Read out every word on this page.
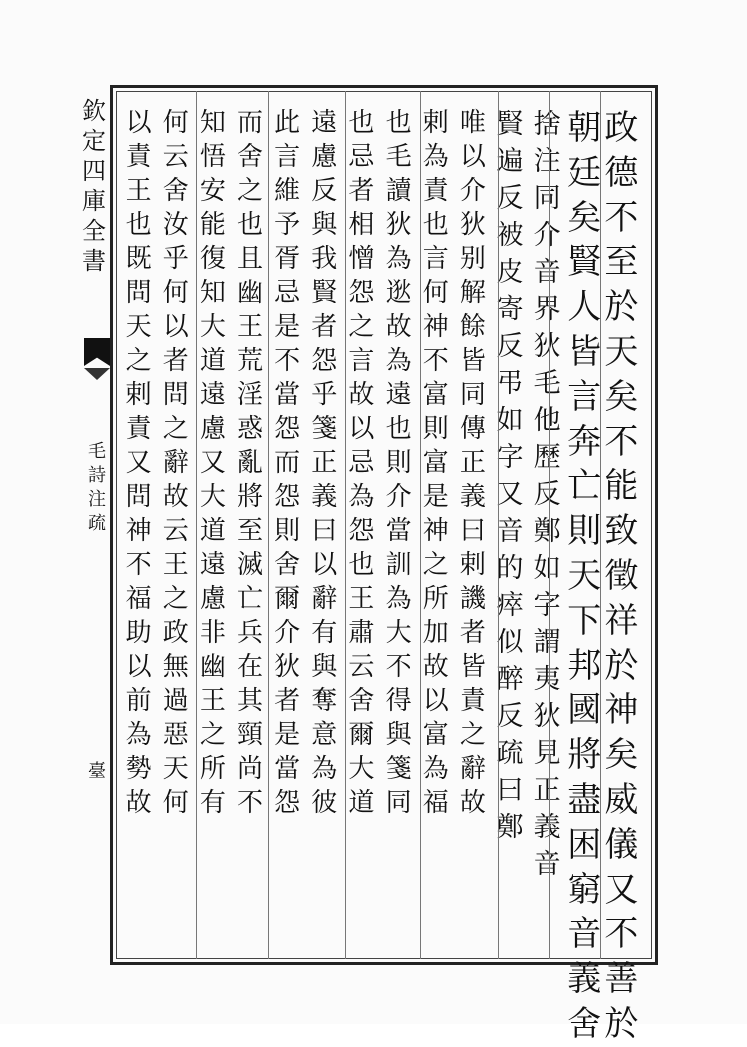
欽定四庫全書
毛詩注疏
臺
政德不至於天矣不能致徵祥於神矣威儀又不善於
朝廷矣賢人皆言奔亡則天下邦國將盡困窮音義舍
捨注同介音界狄毛他歷反鄭如字謂夷狄見正義音
賢遍反被皮寄反弔如字又音的瘁似醉反疏曰鄭
唯以介狄别解餘皆同傳正義曰剌譏者皆責之辭故
剌為責也言何神不富則富是神之所加故以富為福
也毛讀狄為逖故為遠也則介當訓為大不得與箋同
也忌者相憎怨之言故以忌為怨也王肅云舍爾大道
遠慮反與我賢者怨乎箋正義曰以辭有與奪意為彼
此言維予胥忌是不當怨而怨則舍爾介狄者是當怨
而舍之也且幽王荒淫惑亂將至滅亡兵在其頸尚不
知悟安能復知大道遠慮又大道遠慮非幽王之所有
何云舍汝乎何以者問之辭故云王之政無過惡天何
以責王也既問天之剌責又問神不福助以前為勢故
